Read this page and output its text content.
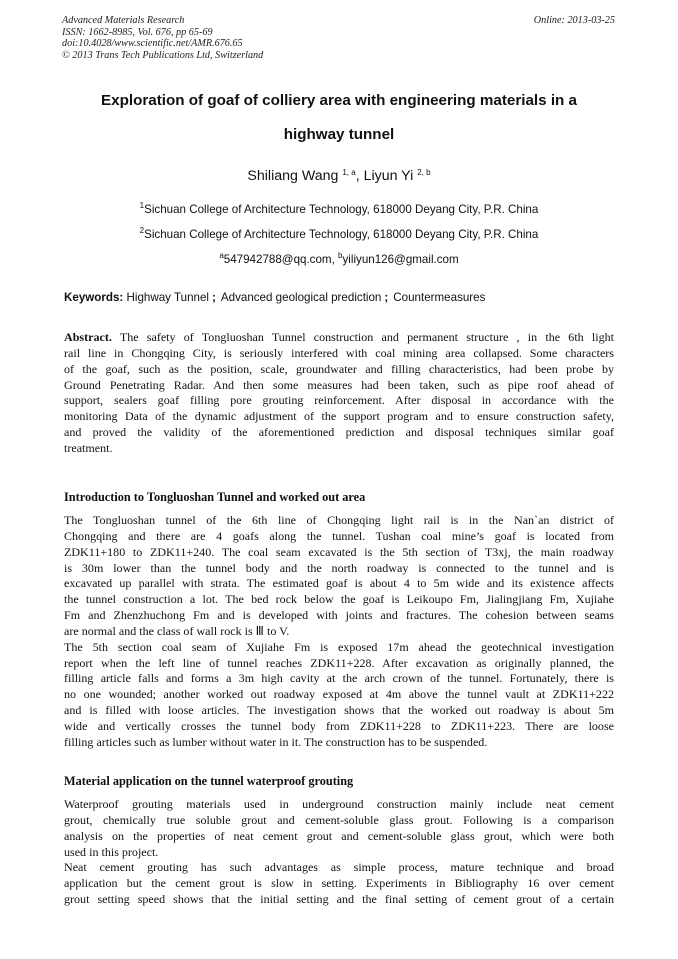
Advanced Materials Research
ISSN: 1662-8985, Vol. 676, pp 65-69
doi:10.4028/www.scientific.net/AMR.676.65
© 2013 Trans Tech Publications Ltd, Switzerland
Online: 2013-03-25
Exploration of goaf of colliery area with engineering materials in a
highway tunnel
Shiliang Wang $^{1, a}$, Liyun Yi $^{2, b}$
$^1$Sichuan College of Architecture Technology, 618000 Deyang City, P.R. China
$^2$Sichuan College of Architecture Technology, 618000 Deyang City, P.R. China
$^a$547942788@qq.com, $^b$yiliyun126@gmail.com
Keywords: Highway Tunnel ; Advanced geological prediction ; Countermeasures
Abstract. The safety of Tongluoshan Tunnel construction and permanent structure , in the 6th light
rail line in Chongqing City, is seriously interfered with coal mining area collapsed. Some characters
of the goaf, such as the position, scale, groundwater and filling characteristics, had been probe by
Ground Penetrating Radar. And then some measures had been taken, such as pipe roof ahead of
support, sealers goaf filling pore grouting reinforcement. After disposal in accordance with the
monitoring Data of the dynamic adjustment of the support program and to ensure construction safety,
and proved the validity of the aforementioned prediction and disposal techniques similar goaf
treatment.
Introduction to Tongluoshan Tunnel and worked out area
The Tongluoshan tunnel of the 6th line of Chongqing light rail is in the Nan`an district of
Chongqing and there are 4 goafs along the tunnel. Tushan coal mine’s goaf is located from
ZDK11+180 to ZDK11+240. The coal seam excavated is the 5th section of T3xj, the main roadway
is 30m lower than the tunnel body and the north roadway is connected to the tunnel and is
excavated up parallel with strata. The estimated goaf is about 4 to 5m wide and its existence affects
the tunnel construction a lot. The bed rock below the goaf is Leikoupo Fm, Jialingjiang Fm, Xujiahe
Fm and Zhenzhuchong Fm and is developed with joints and fractures. The cohesion between seams
are normal and the class of wall rock is Ⅲ to V.
The 5th section coal seam of Xujiahe Fm is exposed 17m ahead the geotechnical investigation
report when the left line of tunnel reaches ZDK11+228. After excavation as originally planned, the
filling article falls and forms a 3m high cavity at the arch crown of the tunnel. Fortunately, there is
no one wounded; another worked out roadway exposed at 4m above the tunnel vault at ZDK11+222
and is filled with loose articles. The investigation shows that the worked out roadway is about 5m
wide and vertically crosses the tunnel body from ZDK11+228 to ZDK11+223. There are loose
filling articles such as lumber without water in it. The construction has to be suspended.
Material application on the tunnel waterproof grouting
Waterproof grouting materials used in underground construction mainly include neat cement
grout, chemically true soluble grout and cement-soluble glass grout. Following is a comparison
analysis on the properties of neat cement grout and cement-soluble glass grout, which were both
used in this project.
Neat cement grouting has such advantages as simple process, mature technique and broad
application but the cement grout is slow in setting. Experiments in Bibliography 16 over cement
grout setting speed shows that the initial setting and the final setting of cement grout of a certain
